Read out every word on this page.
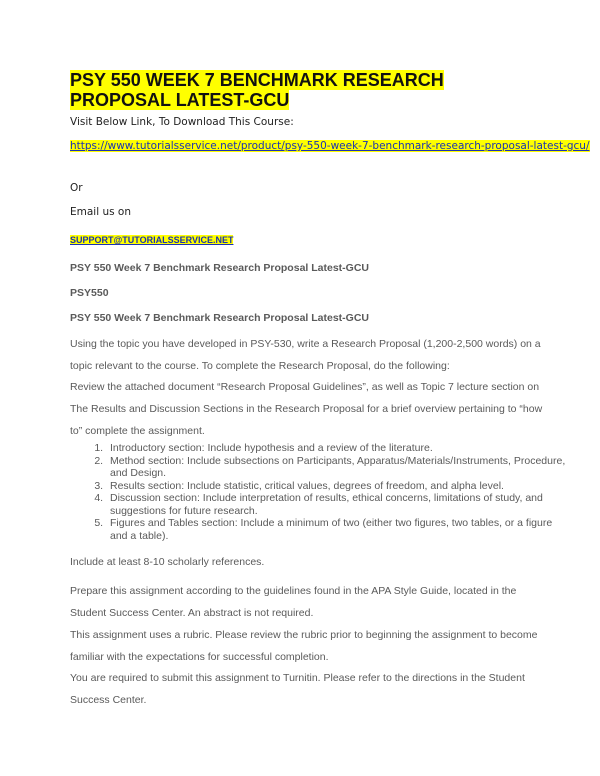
PSY 550 WEEK 7 BENCHMARK RESEARCH PROPOSAL LATEST-GCU
Visit Below Link, To Download This Course:
https://www.tutorialsservice.net/product/psy-550-week-7-benchmark-research-proposal-latest-gcu/
Or
Email us on
SUPPORT@TUTORIALSSERVICE.NET
PSY 550 Week 7 Benchmark Research Proposal Latest-GCU
PSY550
PSY 550 Week 7 Benchmark Research Proposal Latest-GCU
Using the topic you have developed in PSY-530, write a Research Proposal (1,200-2,500 words) on a topic relevant to the course. To complete the Research Proposal, do the following:
Review the attached document “Research Proposal Guidelines”, as well as Topic 7 lecture section on The Results and Discussion Sections in the Research Proposal for a brief overview pertaining to “how to” complete the assignment.
1. Introductory section: Include hypothesis and a review of the literature.
2. Method section: Include subsections on Participants, Apparatus/Materials/Instruments, Procedure, and Design.
3. Results section: Include statistic, critical values, degrees of freedom, and alpha level.
4. Discussion section: Include interpretation of results, ethical concerns, limitations of study, and suggestions for future research.
5. Figures and Tables section: Include a minimum of two (either two figures, two tables, or a figure and a table).
Include at least 8-10 scholarly references.
Prepare this assignment according to the guidelines found in the APA Style Guide, located in the Student Success Center. An abstract is not required.
This assignment uses a rubric. Please review the rubric prior to beginning the assignment to become familiar with the expectations for successful completion.
You are required to submit this assignment to Turnitin. Please refer to the directions in the Student Success Center.
